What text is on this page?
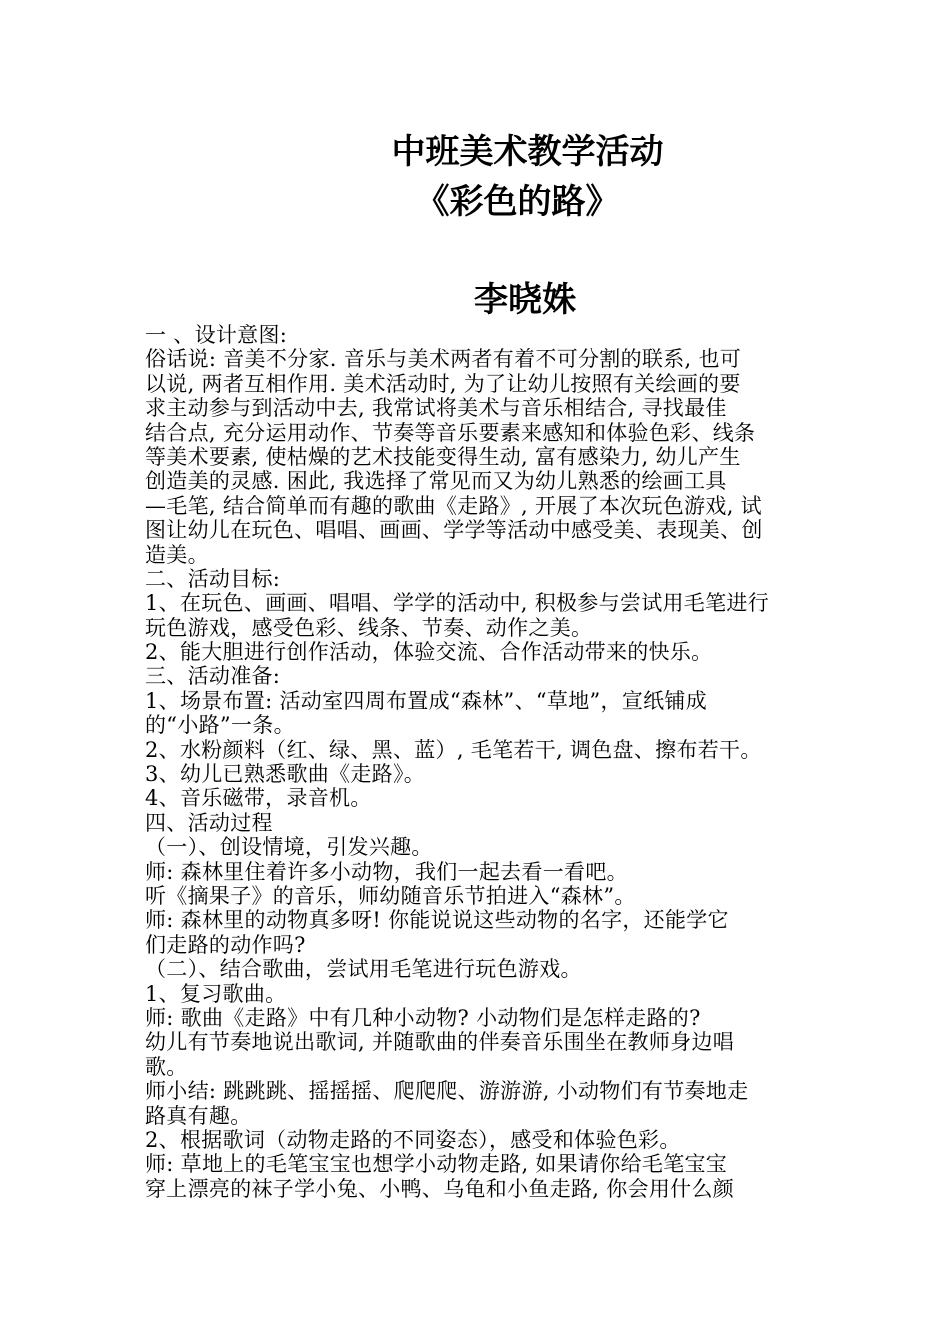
中班美术教学活动
《彩色的路》
李晓姝
一 、设计意图:
俗话说: 音美不分家. 音乐与美术两者有着不可分割的联系, 也可
以说, 两者互相作用. 美术活动时, 为了让幼儿按照有关绘画的要
求主动参与到活动中去, 我常试将美术与音乐相结合, 寻找最佳
结合点, 充分运用动作、节奏等音乐要素来感知和体验色彩、线条
等美术要素, 使枯燥的艺术技能变得生动, 富有感染力, 幼儿产生
创造美的灵感. 困此, 我选择了常见而又为幼儿熟悉的绘画工具
—毛笔, 结合简单而有趣的歌曲《走路》, 开展了本次玩色游戏, 试
图让幼儿在玩色、唱唱、画画、学学等活动中感受美、表现美、创
造美。
二、活动目标:
1、在玩色、画画、唱唱、学学的活动中, 积极参与尝试用毛笔进行
玩色游戏，感受色彩、线条、节奏、动作之美。
2、能大胆进行创作活动，体验交流、合作活动带来的快乐。
三、活动准备:
1、场景布置: 活动室四周布置成“森林”、“草地”，宣纸铺成
的“小路”一条。
2、水粉颜料（红、绿、黑、蓝）, 毛笔若干, 调色盘、擦布若干。
3、幼儿已熟悉歌曲《走路》。
4、音乐磁带，录音机。
四、活动过程
（一）、创设情境，引发兴趣。
师: 森林里住着许多小动物，我们一起去看一看吧。
听《摘果子》的音乐，师幼随音乐节拍进入“森林”。
师: 森林里的动物真多呀! 你能说说这些动物的名字，还能学它
们走路的动作吗?
（二）、结合歌曲，尝试用毛笔进行玩色游戏。
1、复习歌曲。
师: 歌曲《走路》中有几种小动物? 小动物们是怎样走路的?
幼儿有节奏地说出歌词, 并随歌曲的伴奏音乐围坐在教师身边唱
歌。
师小结: 跳跳跳、摇摇摇、爬爬爬、游游游, 小动物们有节奏地走
路真有趣。
2、根据歌词（动物走路的不同姿态），感受和体验色彩。
师: 草地上的毛笔宝宝也想学小动物走路, 如果请你给毛笔宝宝
穿上漂亮的袜子学小兔、小鸭、乌龟和小鱼走路, 你会用什么颜
